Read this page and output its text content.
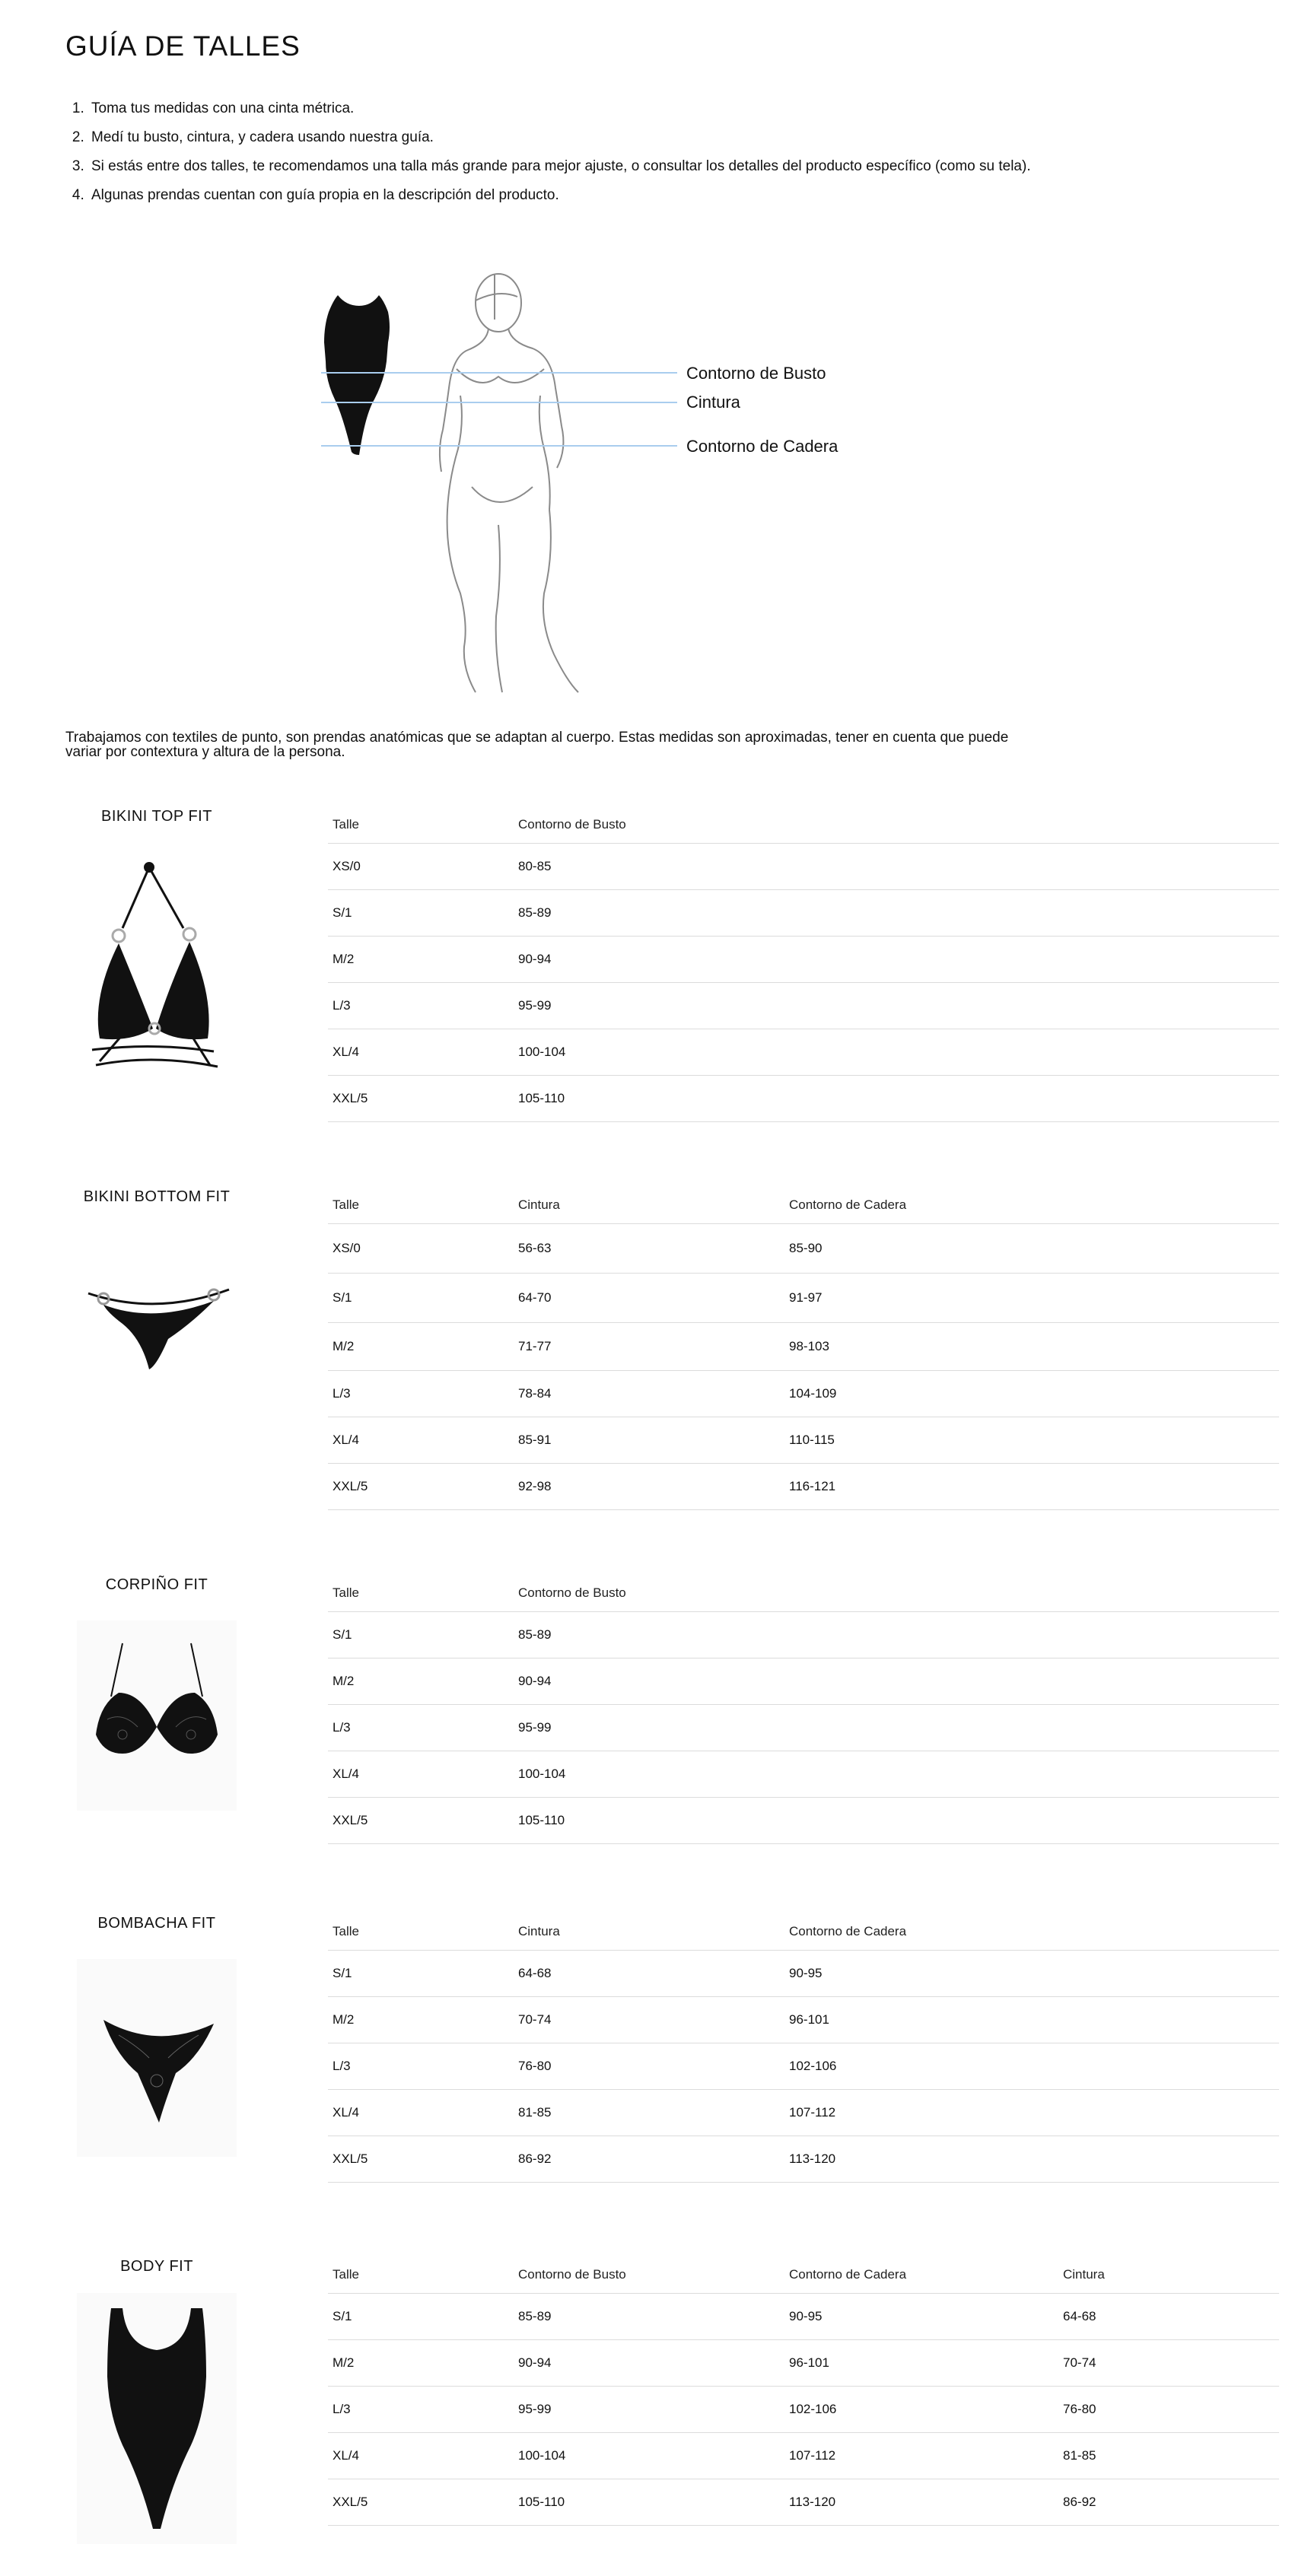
GUÍA DE TALLES
1. Toma tus medidas con una cinta métrica.
2. Medí tu busto, cintura, y cadera usando nuestra guía.
3. Si estás entre dos talles, te recomendamos una talla más grande para mejor ajuste, o consultar los detalles del producto específico (como su tela).
4. Algunas prendas cuentan con guía propia en la descripción del producto.
Contorno de Busto
Cintura
Contorno de Cadera

Trabajamos con textiles de punto, son prendas anatómicas que se adaptan al cuerpo. Estas medidas son aproximadas, tener en cuenta que puede variar por contextura y altura de la persona.

BIKINI TOP FIT	Talle	Contorno de Busto
XS/0	80-85
S/1	85-89
M/2	90-94
L/3	95-99
XL/4	100-104
XXL/5	105-110
BIKINI BOTTOM FIT	Talle	Cintura	Contorno de Cadera
XS/0	56-63	85-90
S/1	64-70	91-97
M/2	71-77	98-103
L/3	78-84	104-109
XL/4	85-91	110-115
XXL/5	92-98	116-121
CORPIÑO FIT	Talle	Contorno de Busto
S/1	85-89
M/2	90-94
L/3	95-99
XL/4	100-104
XXL/5	105-110
BOMBACHA FIT	Talle	Cintura	Contorno de Cadera
S/1	64-68	90-95
M/2	70-74	96-101
L/3	76-80	102-106
XL/4	81-85	107-112
XXL/5	86-92	113-120
BODY FIT	Talle	Contorno de Busto	Contorno de Cadera	Cintura
S/1	85-89	90-95	64-68
M/2	90-94	96-101	70-74
L/3	95-99	102-106	76-80
XL/4	100-104	107-112	81-85
XXL/5	105-110	113-120	86-92
